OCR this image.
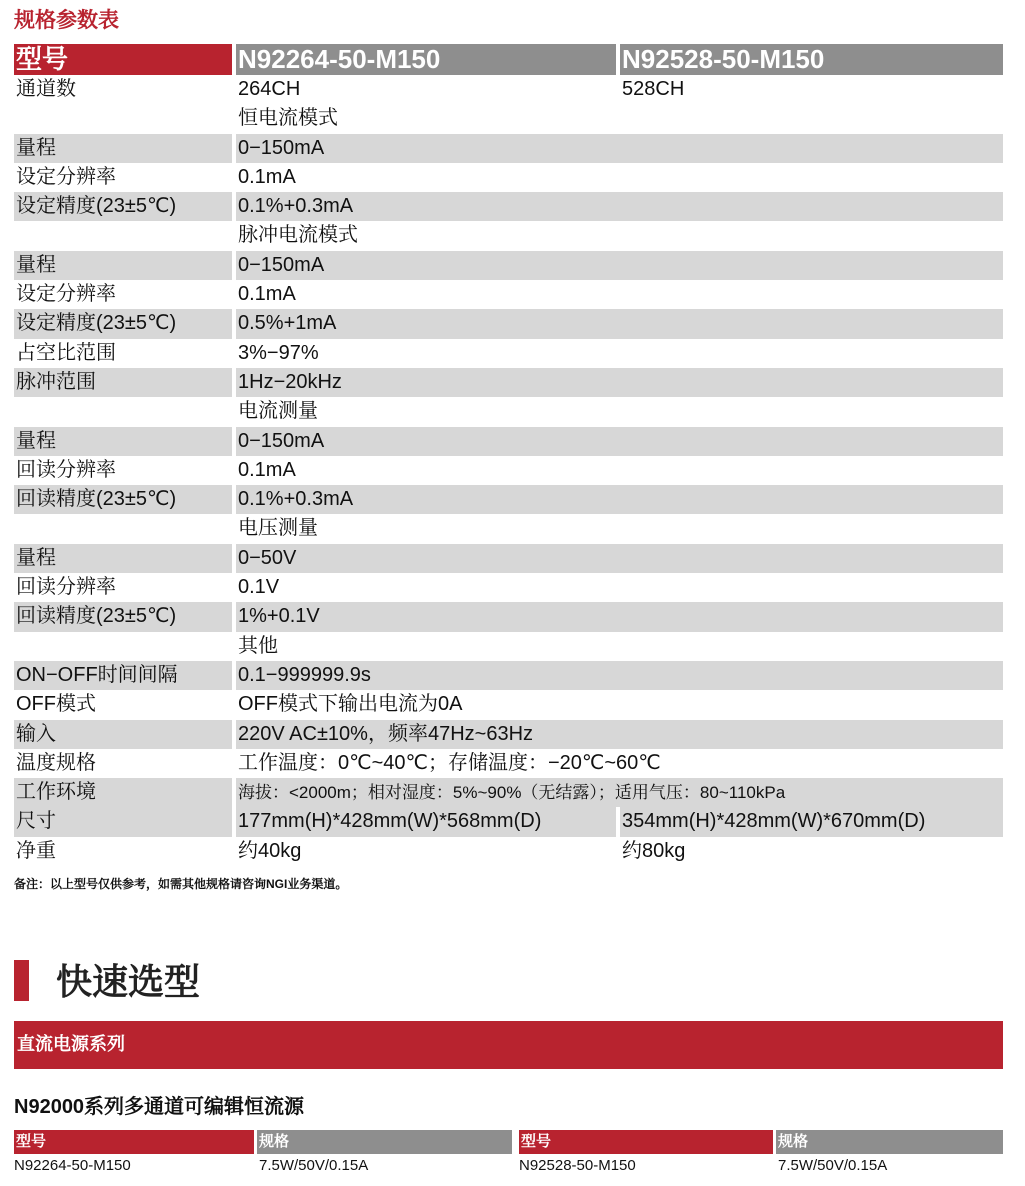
规格参数表
型号	N92264-50-M150	N92528-50-M150
通道数	264CH	528CH
恒电流模式
量程	0−150mA
设定分辨率	0.1mA
设定精度(23±5℃)	0.1%+0.3mA
脉冲电流模式
量程	0−150mA
设定分辨率	0.1mA
设定精度(23±5℃)	0.5%+1mA
占空比范围	3%−97%
脉冲范围	1Hz−20kHz
电流测量
量程	0−150mA
回读分辨率	0.1mA
回读精度(23±5℃)	0.1%+0.3mA
电压测量
量程	0−50V
回读分辨率	0.1V
回读精度(23±5℃)	1%+0.1V
其他
ON−OFF时间间隔	0.1−999999.9s
OFF模式	OFF模式下输出电流为0A
输入	220V AC±10%，频率47Hz~63Hz
温度规格	工作温度：0℃~40℃；存储温度：−20℃~60℃
工作环境	海拔：<2000m；相对湿度：5%~90%（无结露）；适用气压：80~110kPa
尺寸	177mm(H)*428mm(W)*568mm(D)	354mm(H)*428mm(W)*670mm(D)
净重	约40kg	约80kg
备注：以上型号仅供参考，如需其他规格请咨询NGI业务渠道。
快速选型
直流电源系列
N92000系列多通道可编辑恒流源
型号	规格	型号	规格
N92264-50-M150	7.5W/50V/0.15A	N92528-50-M150	7.5W/50V/0.15A
